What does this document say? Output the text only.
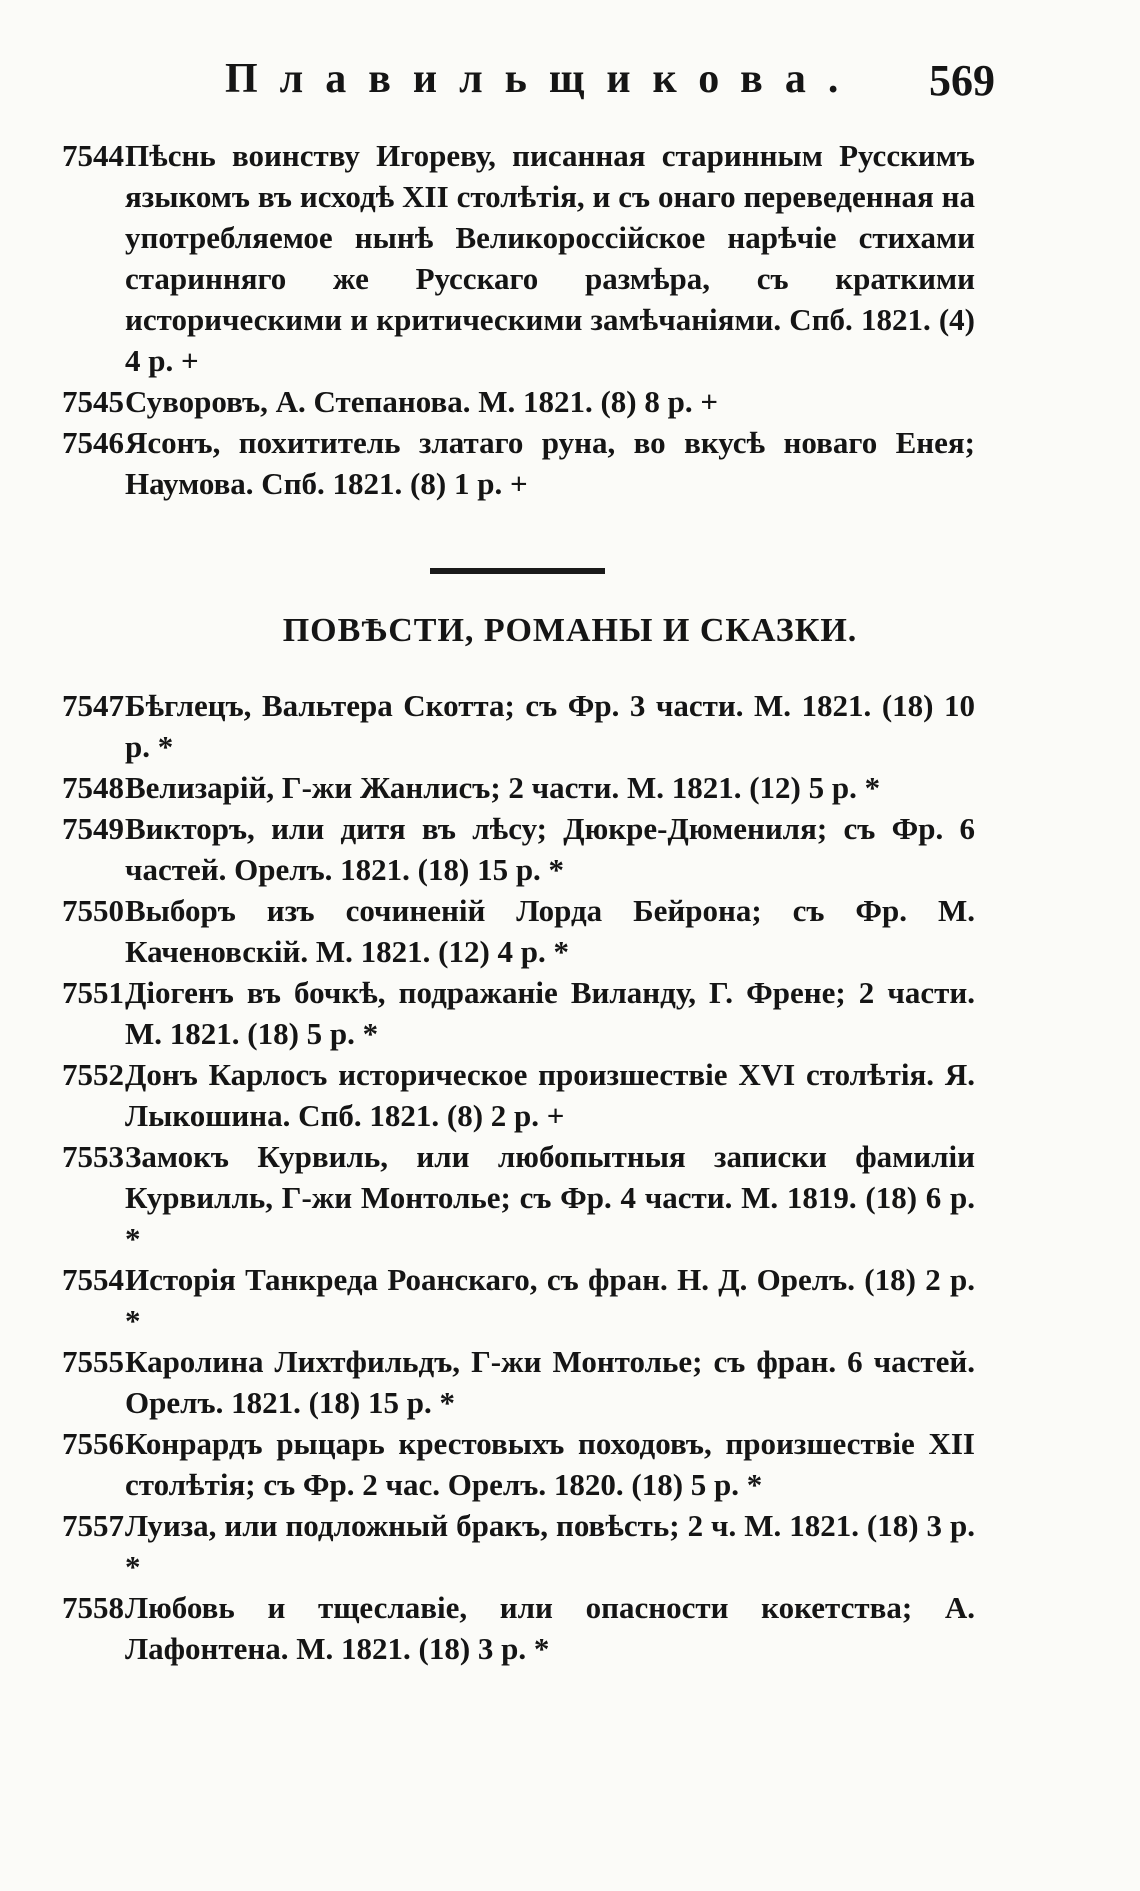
Плавильщикова. 569
7544 Пѣснь воинству Игореву, писанная старинным Русскимъ языкомъ въ исходѣ XII столѣтія, и съ онаго переведенная на употребляемое нынѣ Великороссійское нарѣчіе стихами старинняго же Русскаго размѣра, съ краткими историческими и критическими замѣчаніями. Спб. 1821. (4) 4 р. +
7545 Суворовъ, А. Степанова. М. 1821. (8) 8 р. +
7546 Ясонъ, похититель златаго руна, во вкусѣ новаго Енея; Наумова. Спб. 1821. (8) 1 р. +
ПОВѢСТИ, РОМАНЫ И СКАЗКИ.
7547 Бѣглецъ, Вальтера Скотта; съ Фр. 3 части. М. 1821. (18) 10 р. *
7548 Велизарій, Г-жи Жанлисъ; 2 части. М. 1821. (12) 5 р. *
7549 Викторъ, или дитя въ лѣсу; Дюкре-Дюмениля; съ Фр. 6 частей. Орелъ. 1821. (18) 15 р. *
7550 Выборъ изъ сочиненій Лорда Бейрона; съ Фр. М. Каченовскій. М. 1821. (12) 4 р. *
7551 Діогенъ въ бочкѣ, подражаніе Виланду, Г. Френе; 2 части. М. 1821. (18) 5 р. *
7552 Донъ Карлосъ историческое произшествіе XVI столѣтія. Я. Лыкошина. Спб. 1821. (8) 2 р. +
7553 Замокъ Курвиль, или любопытныя записки фамиліи Курвилль, Г-жи Монтолье; съ Фр. 4 части. М. 1819. (18) 6 р. *
7554 Исторія Танкреда Роанскаго, съ фран. Н. Д. Орелъ. (18) 2 р. *
7555 Каролина Лихтфильдъ, Г-жи Монтолье; съ фран. 6 частей. Орелъ. 1821. (18) 15 р. *
7556 Конрардъ рыцарь крестовыхъ походовъ, произшествіе XII столѣтія; съ Фр. 2 час. Орелъ. 1820. (18) 5 р. *
7557 Луиза, или подложный бракъ, повѣсть; 2 ч. М. 1821. (18) 3 р. *
7558 Любовь и тщеславіе, или опасности кокетства; А. Лафонтена. М. 1821. (18) 3 р. *
